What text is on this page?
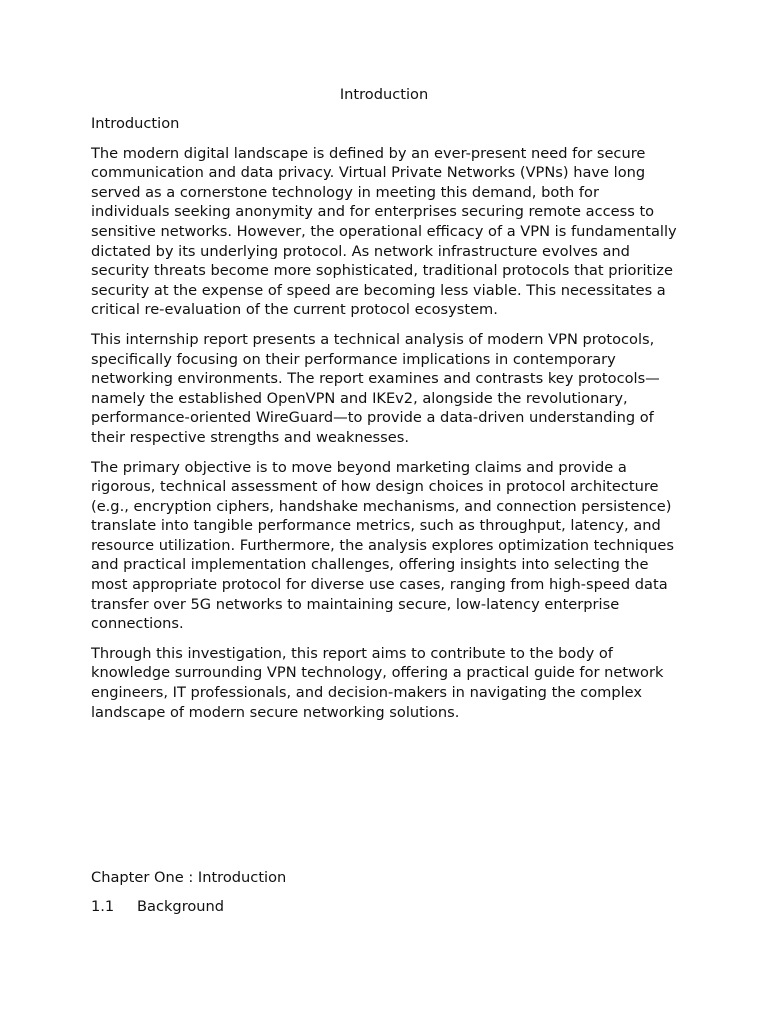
Introduction

Introduction

The modern digital landscape is defined by an ever-present need for secure communication and data privacy. Virtual Private Networks (VPNs) have long served as a cornerstone technology in meeting this demand, both for individuals seeking anonymity and for enterprises securing remote access to sensitive networks. However, the operational efficacy of a VPN is fundamentally dictated by its underlying protocol. As network infrastructure evolves and security threats become more sophisticated, traditional protocols that prioritize security at the expense of speed are becoming less viable. This necessitates a critical re-evaluation of the current protocol ecosystem.

This internship report presents a technical analysis of modern VPN protocols, specifically focusing on their performance implications in contemporary networking environments. The report examines and contrasts key protocols—namely the established OpenVPN and IKEv2, alongside the revolutionary, performance-oriented WireGuard—to provide a data-driven understanding of their respective strengths and weaknesses.

The primary objective is to move beyond marketing claims and provide a rigorous, technical assessment of how design choices in protocol architecture (e.g., encryption ciphers, handshake mechanisms, and connection persistence) translate into tangible performance metrics, such as throughput, latency, and resource utilization. Furthermore, the analysis explores optimization techniques and practical implementation challenges, offering insights into selecting the most appropriate protocol for diverse use cases, ranging from high-speed data transfer over 5G networks to maintaining secure, low-latency enterprise connections.

Through this investigation, this report aims to contribute to the body of knowledge surrounding VPN technology, offering a practical guide for network engineers, IT professionals, and decision-makers in navigating the complex landscape of modern secure networking solutions.

Chapter One : Introduction
1.1 Background
